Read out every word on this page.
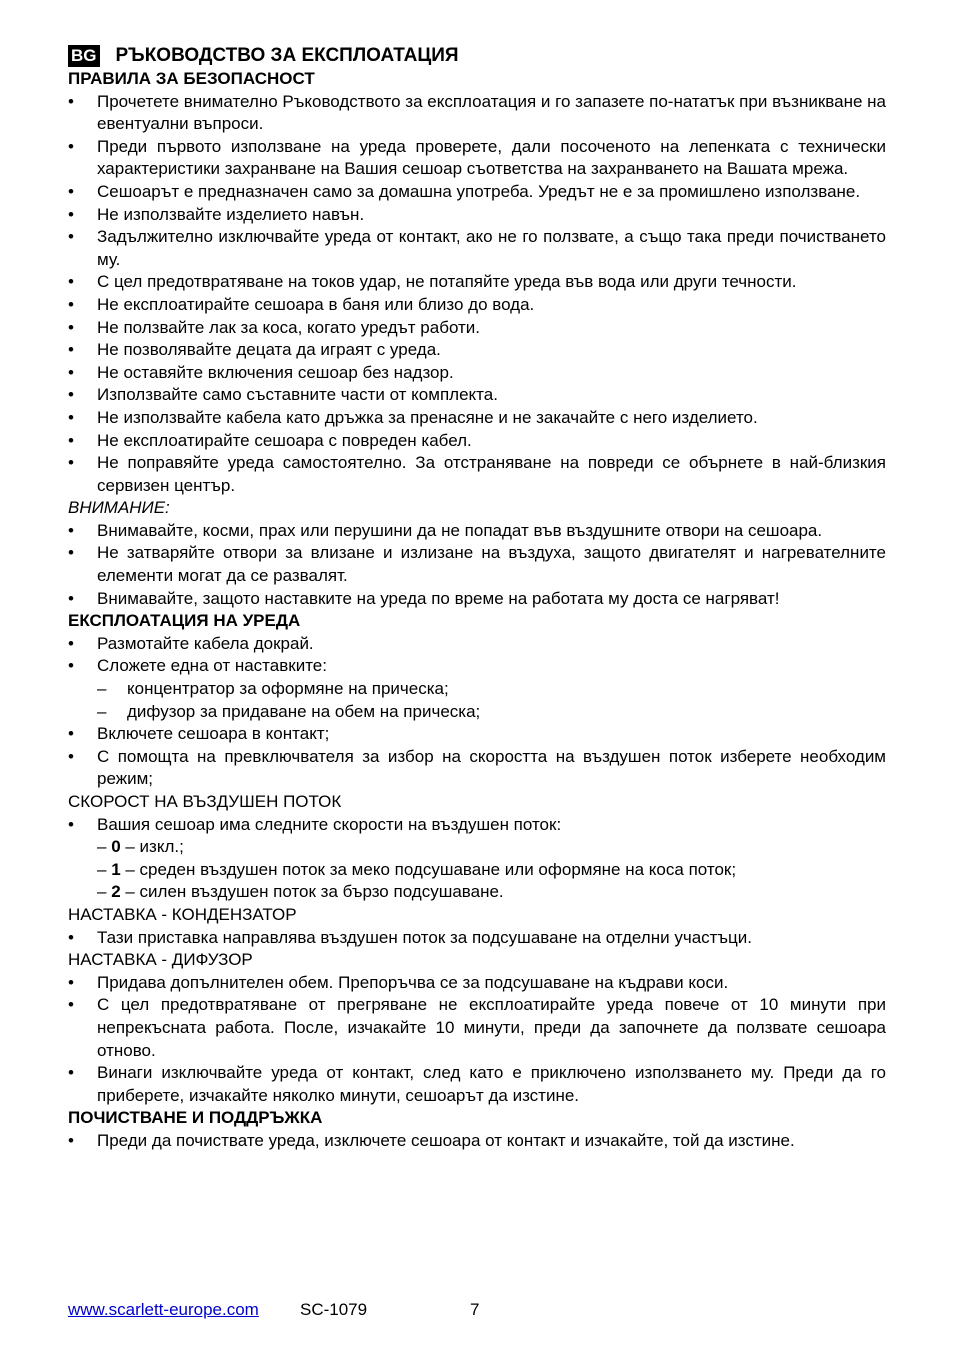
BG РЪКОВОДСТВО ЗА ЕКСПЛОАТАЦИЯ
ПРАВИЛА ЗА БЕЗОПАСНОСТ
• Прочетете внимателно Ръководството за експлоатация и го запазете по-нататък при възникване на евентуални въпроси.
• Преди първото използване на уреда проверете, дали посоченото на лепенката с технически характеристики захранване на Вашия сешоар съответства на захранването на Вашата мрежа.
• Сешоарът е предназначен само за домашна употреба. Уредът не е за промишлено използване.
• Не използвайте изделието навън.
• Задължително изключвайте уреда от контакт, ако не го ползвате, а също така преди почистването му.
• С цел предотвратяване на токов удар, не потапяйте уреда във вода или други течности.
• Не експлоатирайте сешоара в баня или близо до вода.
• Не ползвайте лак за коса, когато уредът работи.
• Не позволявайте децата да играят с уреда.
• Не оставяйте включения сешоар без надзор.
• Използвайте само съставните части от комплекта.
• Не използвайте кабела като дръжка за пренасяне и не закачайте с него изделието.
• Не експлоатирайте сешоара с повреден кабел.
• Не поправяйте уреда самостоятелно. За отстраняване на повреди се обърнете в най-близкия сервизен център.
ВНИМАНИЕ:
• Внимавайте, косми, прах или перушини да не попадат във въздушните отвори на сешоара.
• Не затваряйте отвори за влизане и излизане на въздуха, защото двигателят и нагревателните елементи могат да се развалят.
• Внимавайте, защото наставките на уреда по време на работата му доста се нагряват!
ЕКСПЛОАТАЦИЯ НА УРЕДА
• Размотайте кабела докрай.
• Сложете една от наставките:
– концентратор за оформяне на прическа;
– дифузор за придаване на обем на прическа;
• Включете сешоара в контакт;
• С помощта на превключвателя за избор на скоростта на въздушен поток изберете необходим режим;
СКОРОСТ НА ВЪЗДУШЕН ПОТОК
• Вашия сешоар има следните скорости на въздушен поток:
– 0 – изкл.;
– 1 – среден въздушен поток за меко подсушаване или оформяне на коса поток;
– 2 – силен въздушен поток за бързо подсушаване.
НАСТАВКА - КОНДЕНЗАТОР
• Тази приставка направлява въздушен поток за подсушаване на отделни участъци.
НАСТАВКА - ДИФУЗОР
• Придава допълнителен обем. Препоръчва се за подсушаване на къдрави коси.
• С цел предотвратяване от прегряване не експлоатирайте уреда повече от 10 минути при непрекъсната работа. После, изчакайте 10 минути, преди да започнете да ползвате сешоара отново.
• Винаги изключвайте уреда от контакт, след като е приключено използването му. Преди да го приберете, изчакайте няколко минути, сешоарът да изстине.
ПОЧИСТВАНЕ И ПОДДРЪЖКА
• Преди да почиствате уреда, изключете сешоара от контакт и изчакайте, той да изстине.
www.scarlett-europe.com SC-1079	7
